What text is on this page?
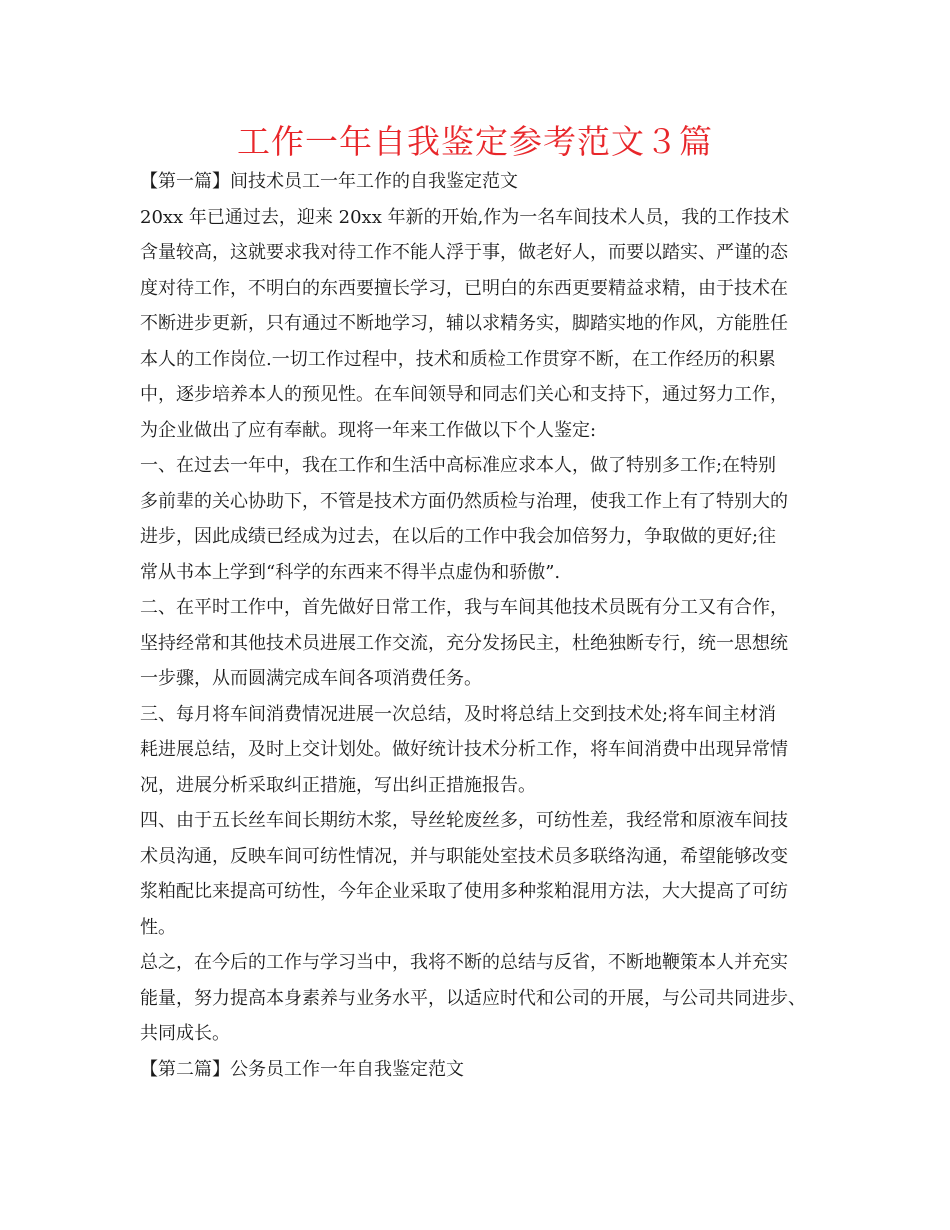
工作一年自我鉴定参考范文３篇
【第一篇】间技术员工一年工作的自我鉴定范文
20xx 年已通过去，迎来 20xx 年新的开始,作为一名车间技术人员，我的工作技术
含量较高，这就要求我对待工作不能人浮于事，做老好人，而要以踏实、严谨的态
度对待工作，不明白的东西要擅长学习，已明白的东西更要精益求精，由于技术在
不断进步更新，只有通过不断地学习，辅以求精务实，脚踏实地的作风，方能胜任
本人的工作岗位.一切工作过程中，技术和质检工作贯穿不断，在工作经历的积累
中，逐步培养本人的预见性。在车间领导和同志们关心和支持下，通过努力工作，
为企业做出了应有奉献。现将一年来工作做以下个人鉴定:
一、在过去一年中，我在工作和生活中高标准应求本人，做了特别多工作;在特别
多前辈的关心协助下，不管是技术方面仍然质检与治理，使我工作上有了特别大的
进步，因此成绩已经成为过去，在以后的工作中我会加倍努力，争取做的更好;往
常从书本上学到“科学的东西来不得半点虚伪和骄傲”.
二、在平时工作中，首先做好日常工作，我与车间其他技术员既有分工又有合作，
坚持经常和其他技术员进展工作交流，充分发扬民主，杜绝独断专行，统一思想统
一步骤，从而圆满完成车间各项消费任务。
三、每月将车间消费情况进展一次总结，及时将总结上交到技术处;将车间主材消
耗进展总结，及时上交计划处。做好统计技术分析工作，将车间消费中出现异常情
况，进展分析采取纠正措施，写出纠正措施报告。
四、由于五长丝车间长期纺木浆，导丝轮废丝多，可纺性差，我经常和原液车间技
术员沟通，反映车间可纺性情况，并与职能处室技术员多联络沟通，希望能够改变
浆粕配比来提高可纺性，今年企业采取了使用多种浆粕混用方法，大大提高了可纺
性。
总之，在今后的工作与学习当中，我将不断的总结与反省，不断地鞭策本人并充实
能量，努力提高本身素养与业务水平，以适应时代和公司的开展，与公司共同进步、
共同成长。
【第二篇】公务员工作一年自我鉴定范文
